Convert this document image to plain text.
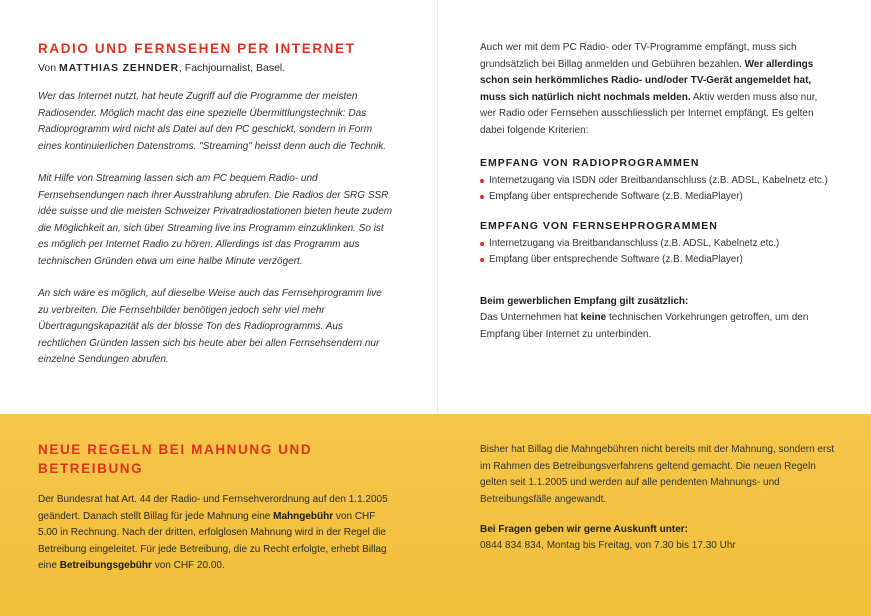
RADIO UND FERNSEHEN PER INTERNET
Von MATTHIAS ZEHNDER, Fachjournalist, Basel.

Wer das Internet nutzt, hat heute Zugriff auf die Programme der meisten Radiosender. Möglich macht das eine spezielle Übermittlungstechnik: Das Radioprogramm wird nicht als Datei auf den PC geschickt, sondern in Form eines kontinuierlichen Datenstroms. "Streaming" heisst denn auch die Technik.

Mit Hilfe von Streaming lassen sich am PC bequem Radio- und Fernsehsendungen nach ihrer Ausstrahlung abrufen. Die Radios der SRG SSR idée suisse und die meisten Schweizer Privatradiostationen bieten heute zudem die Möglichkeit an, sich über Streaming live ins Programm einzuklinken. So ist es möglich per Internet Radio zu hören. Allerdings ist das Programm aus technischen Gründen etwa um eine halbe Minute verzögert.

An sich wäre es möglich, auf dieselbe Weise auch das Fernsehprogramm live zu verbreiten. Die Fernsehbilder benötigen jedoch sehr viel mehr Übertragungskapazität als der blosse Ton des Radioprogramms. Aus rechtlichen Gründen lassen sich bis heute aber bei allen Fernsehsendern nur einzelne Sendungen abrufen.

Auch wer mit dem PC Radio- oder TV-Programme empfängt, muss sich grundsätzlich bei Billag anmelden und Gebühren bezahlen. Wer allerdings schon sein herkömmliches Radio- und/oder TV-Gerät angemeldet hat, muss sich natürlich nicht nochmals melden. Aktiv werden muss also nur, wer Radio oder Fernsehen ausschliesslich per Internet empfängt. Es gelten dabei folgende Kriterien:

EMPFANG VON RADIOPROGRAMMEN
Internetzugang via ISDN oder Breitbandanschluss (z.B. ADSL, Kabelnetz etc.)
Empfang über entsprechende Software (z.B. MediaPlayer)
EMPFANG VON FERNSEHPROGRAMMEN
Internetzugang via Breitbandanschluss (z.B. ADSL, Kabelnetz etc.)
Empfang über entsprechende Software (z.B. MediaPlayer)

Beim gewerblichen Empfang gilt zusätzlich:

Das Unternehmen hat keine technischen Vorkehrungen getroffen, um den Empfang über Internet zu unterbinden.

NEUE REGELN BEI MAHNUNG UND
BETREIBUNG

Der Bundesrat hat Art. 44 der Radio- und Fernsehverordnung auf den 1.1.2005 geändert. Danach stellt Billag für jede Mahnung eine Mahngebühr von CHF 5.00 in Rechnung. Nach der dritten, erfolglosen Mahnung wird in der Regel die Betreibung eingeleitet. Für jede Betreibung, die zu Recht erfolgte, erhebt Billag eine Betreibungsgebühr von CHF 20.00.

Bisher hat Billag die Mahngebühren nicht bereits mit der Mahnung, sondern erst im Rahmen des Betreibungsverfahrens geltend gemacht. Die neuen Regeln gelten seit 1.1.2005 und werden auf alle pendenten Mahnungs- und Betreibungsfälle angewandt.

Bei Fragen geben wir gerne Auskunft unter:

0844 834 834, Montag bis Freitag, von 7.30 bis 17.30 Uhr
